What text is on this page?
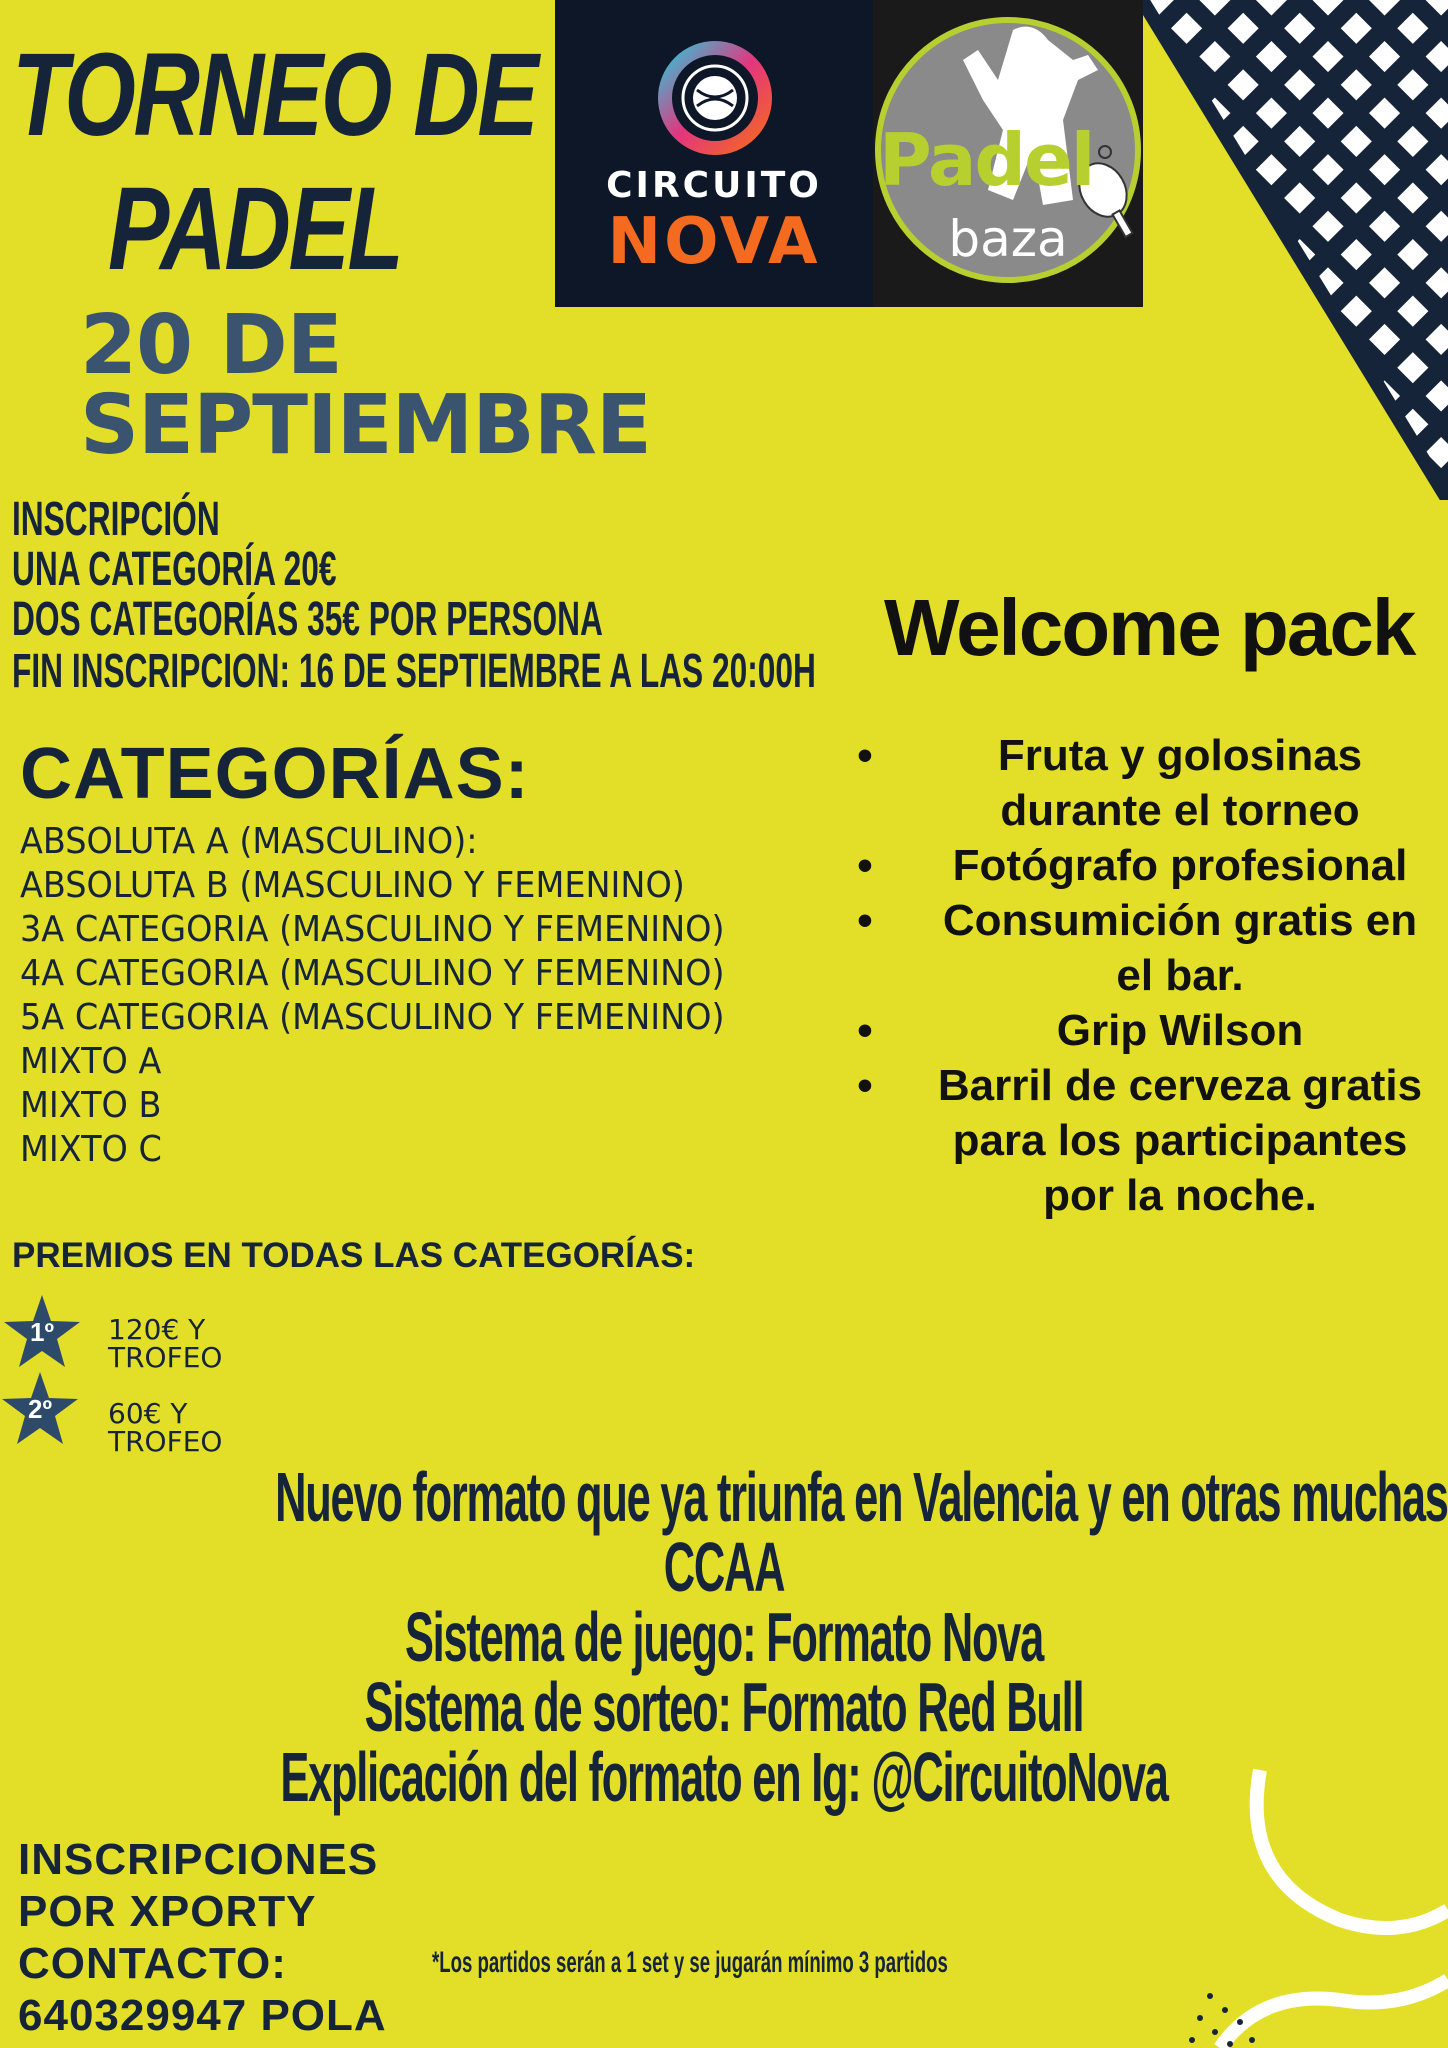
TORNEO DE
PADEL
20 DE
SEPTIEMBRE
CIRCUITO
NOVA
Padel
baza
INSCRIPCIÓN
UNA CATEGORÍA 20€
DOS CATEGORÍAS 35€ POR PERSONA
FIN INSCRIPCION: 16 DE SEPTIEMBRE A LAS 20:00H
CATEGORÍAS:
ABSOLUTA A (MASCULINO):
ABSOLUTA B (MASCULINO Y FEMENINO)
3A CATEGORIA (MASCULINO Y FEMENINO)
4A CATEGORIA (MASCULINO Y FEMENINO)
5A CATEGORIA (MASCULINO Y FEMENINO)
MIXTO A
MIXTO B
MIXTO C
Welcome pack
•	Fruta y golosinas durante el torneo
• Fotógrafo profesional
• Consumición gratis en el bar.
•	Grip Wilson
• Barril de cerveza gratis para los participantes por la noche.
PREMIOS EN TODAS LAS CATEGORÍAS:
1º 120€ Y
TROFEO
2º 60€ Y
TROFEO
Nuevo formato que ya triunfa en Valencia y en otras muchas
CCAA
Sistema de juego: Formato Nova
Sistema de sorteo: Formato Red Bull
Explicación del formato en Ig: @CircuitoNova
INSCRIPCIONES
POR XPORTY
CONTACTO:
640329947 POLA
*Los partidos serán a 1 set y se jugarán mínimo 3 partidos
